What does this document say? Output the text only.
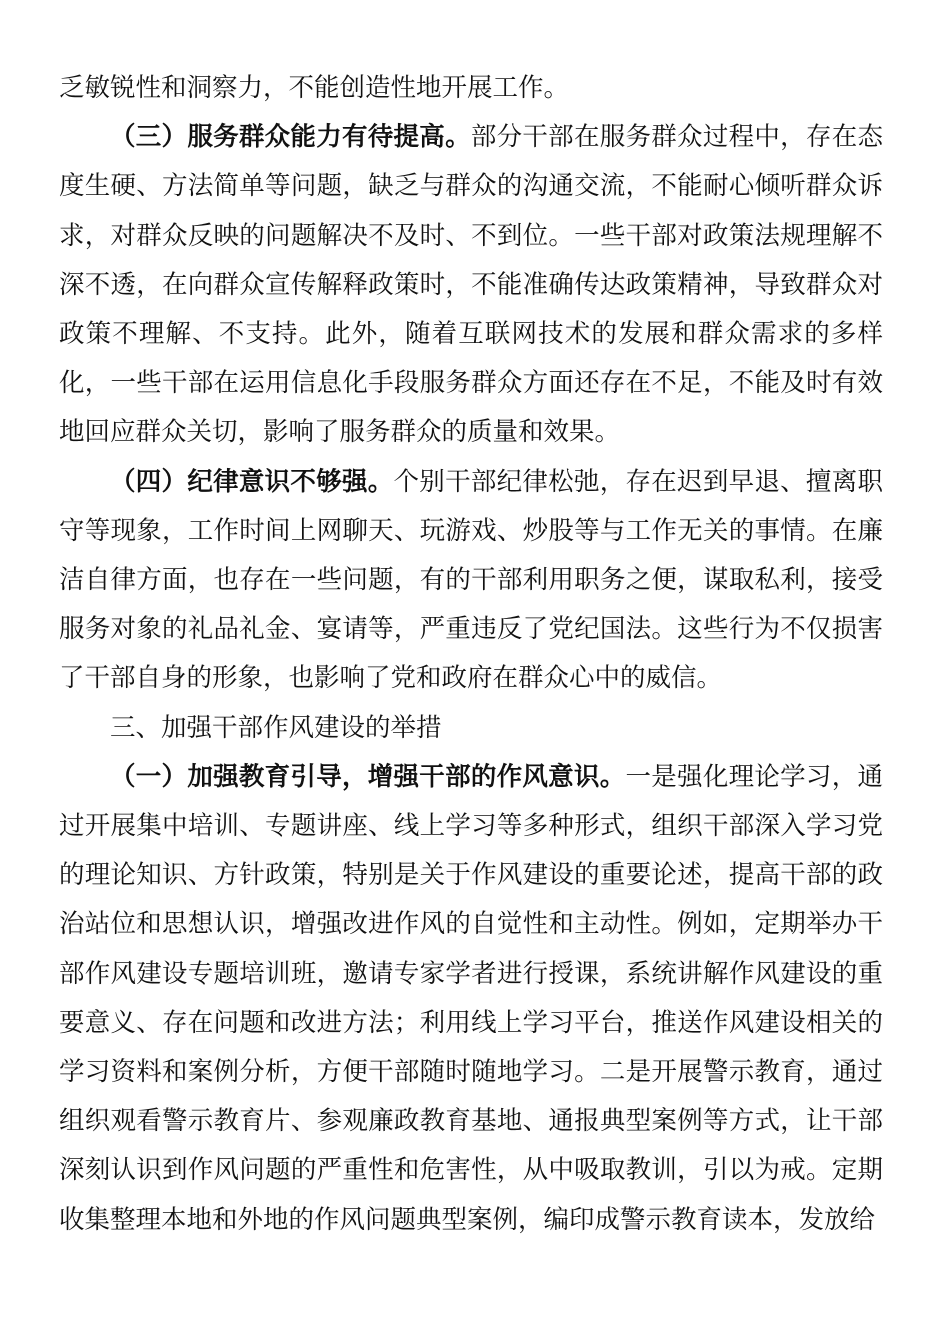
乏敏锐性和洞察力，不能创造性地开展工作。

（三）服务群众能力有待提高。部分干部在服务群众过程中，存在态度生硬、方法简单等问题，缺乏与群众的沟通交流，不能耐心倾听群众诉求，对群众反映的问题解决不及时、不到位。一些干部对政策法规理解不深不透，在向群众宣传解释政策时，不能准确传达政策精神，导致群众对政策不理解、不支持。此外，随着互联网技术的发展和群众需求的多样化，一些干部在运用信息化手段服务群众方面还存在不足，不能及时有效地回应群众关切，影响了服务群众的质量和效果。

（四）纪律意识不够强。个别干部纪律松弛，存在迟到早退、擅离职守等现象，工作时间上网聊天、玩游戏、炒股等与工作无关的事情。在廉洁自律方面，也存在一些问题，有的干部利用职务之便，谋取私利，接受服务对象的礼品礼金、宴请等，严重违反了党纪国法。这些行为不仅损害了干部自身的形象，也影响了党和政府在群众心中的威信。

三、加强干部作风建设的举措

（一）加强教育引导，增强干部的作风意识。一是强化理论学习，通过开展集中培训、专题讲座、线上学习等多种形式，组织干部深入学习党的理论知识、方针政策，特别是关于作风建设的重要论述，提高干部的政治站位和思想认识，增强改进作风的自觉性和主动性。例如，定期举办干部作风建设专题培训班，邀请专家学者进行授课，系统讲解作风建设的重要意义、存在问题和改进方法；利用线上学习平台，推送作风建设相关的学习资料和案例分析，方便干部随时随地学习。二是开展警示教育，通过组织观看警示教育片、参观廉政教育基地、通报典型案例等方式，让干部深刻认识到作风问题的严重性和危害性，从中吸取教训，引以为戒。定期收集整理本地和外地的作风问题典型案例，编印成警示教育读本，发放给
